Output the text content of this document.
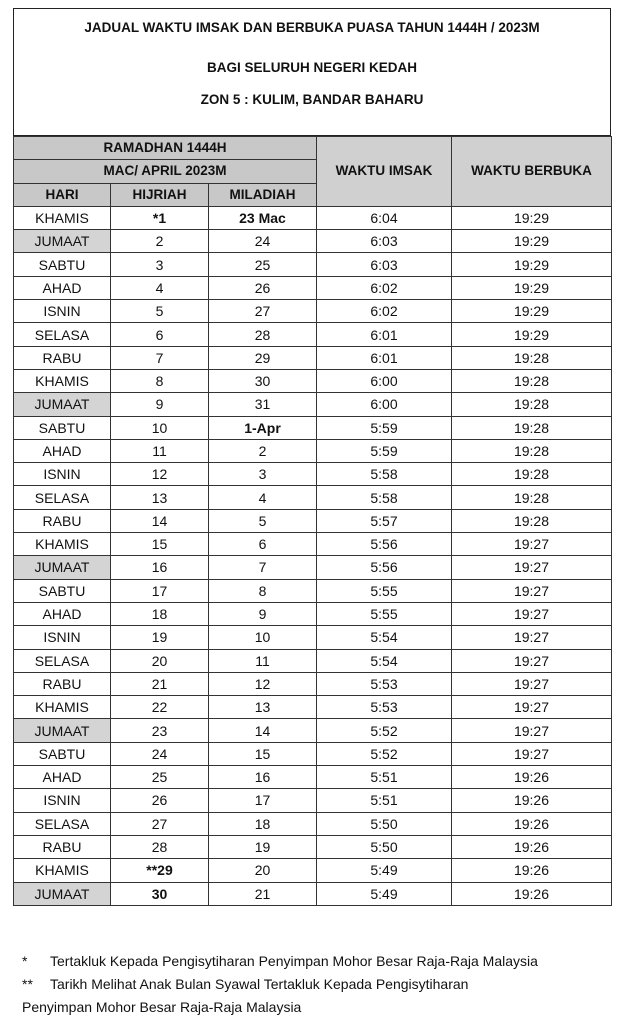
JADUAL WAKTU IMSAK DAN BERBUKA PUASA TAHUN 1444H / 2023M
BAGI SELURUH NEGERI KEDAH
ZON 5 : KULIM, BANDAR BAHARU
RAMADHAN 1444H			WAKTU IMSAK	WAKTU BERBUKA
MAC/ APRIL 2023M				
HARI	HIJRIAH	MILADIAH		
KHAMIS	*1	23 Mac	6:04	19:29
JUMAAT	2	24	6:03	19:29
SABTU	3	25	6:03	19:29
AHAD	4	26	6:02	19:29
ISNIN	5	27	6:02	19:29
SELASA	6	28	6:01	19:29
RABU	7	29	6:01	19:28
KHAMIS	8	30	6:00	19:28
JUMAAT	9	31	6:00	19:28
SABTU	10	1-Apr	5:59	19:28
AHAD	11	2	5:59	19:28
ISNIN	12	3	5:58	19:28
SELASA	13	4	5:58	19:28
RABU	14	5	5:57	19:28
KHAMIS	15	6	5:56	19:27
JUMAAT	16	7	5:56	19:27
SABTU	17	8	5:55	19:27
AHAD	18	9	5:55	19:27
ISNIN	19	10	5:54	19:27
SELASA	20	11	5:54	19:27
RABU	21	12	5:53	19:27
KHAMIS	22	13	5:53	19:27
JUMAAT	23	14	5:52	19:27
SABTU	24	15	5:52	19:27
AHAD	25	16	5:51	19:26
ISNIN	26	17	5:51	19:26
SELASA	27	18	5:50	19:26
RABU	28	19	5:50	19:26
KHAMIS	**29	20	5:49	19:26
JUMAAT	30	21	5:49	19:26
* Tertakluk Kepada Pengisytiharan Penyimpan Mohor Besar Raja-Raja Malaysia
** Tarikh Melihat Anak Bulan Syawal Tertakluk Kepada Pengisytiharan
Penyimpan Mohor Besar Raja-Raja Malaysia
